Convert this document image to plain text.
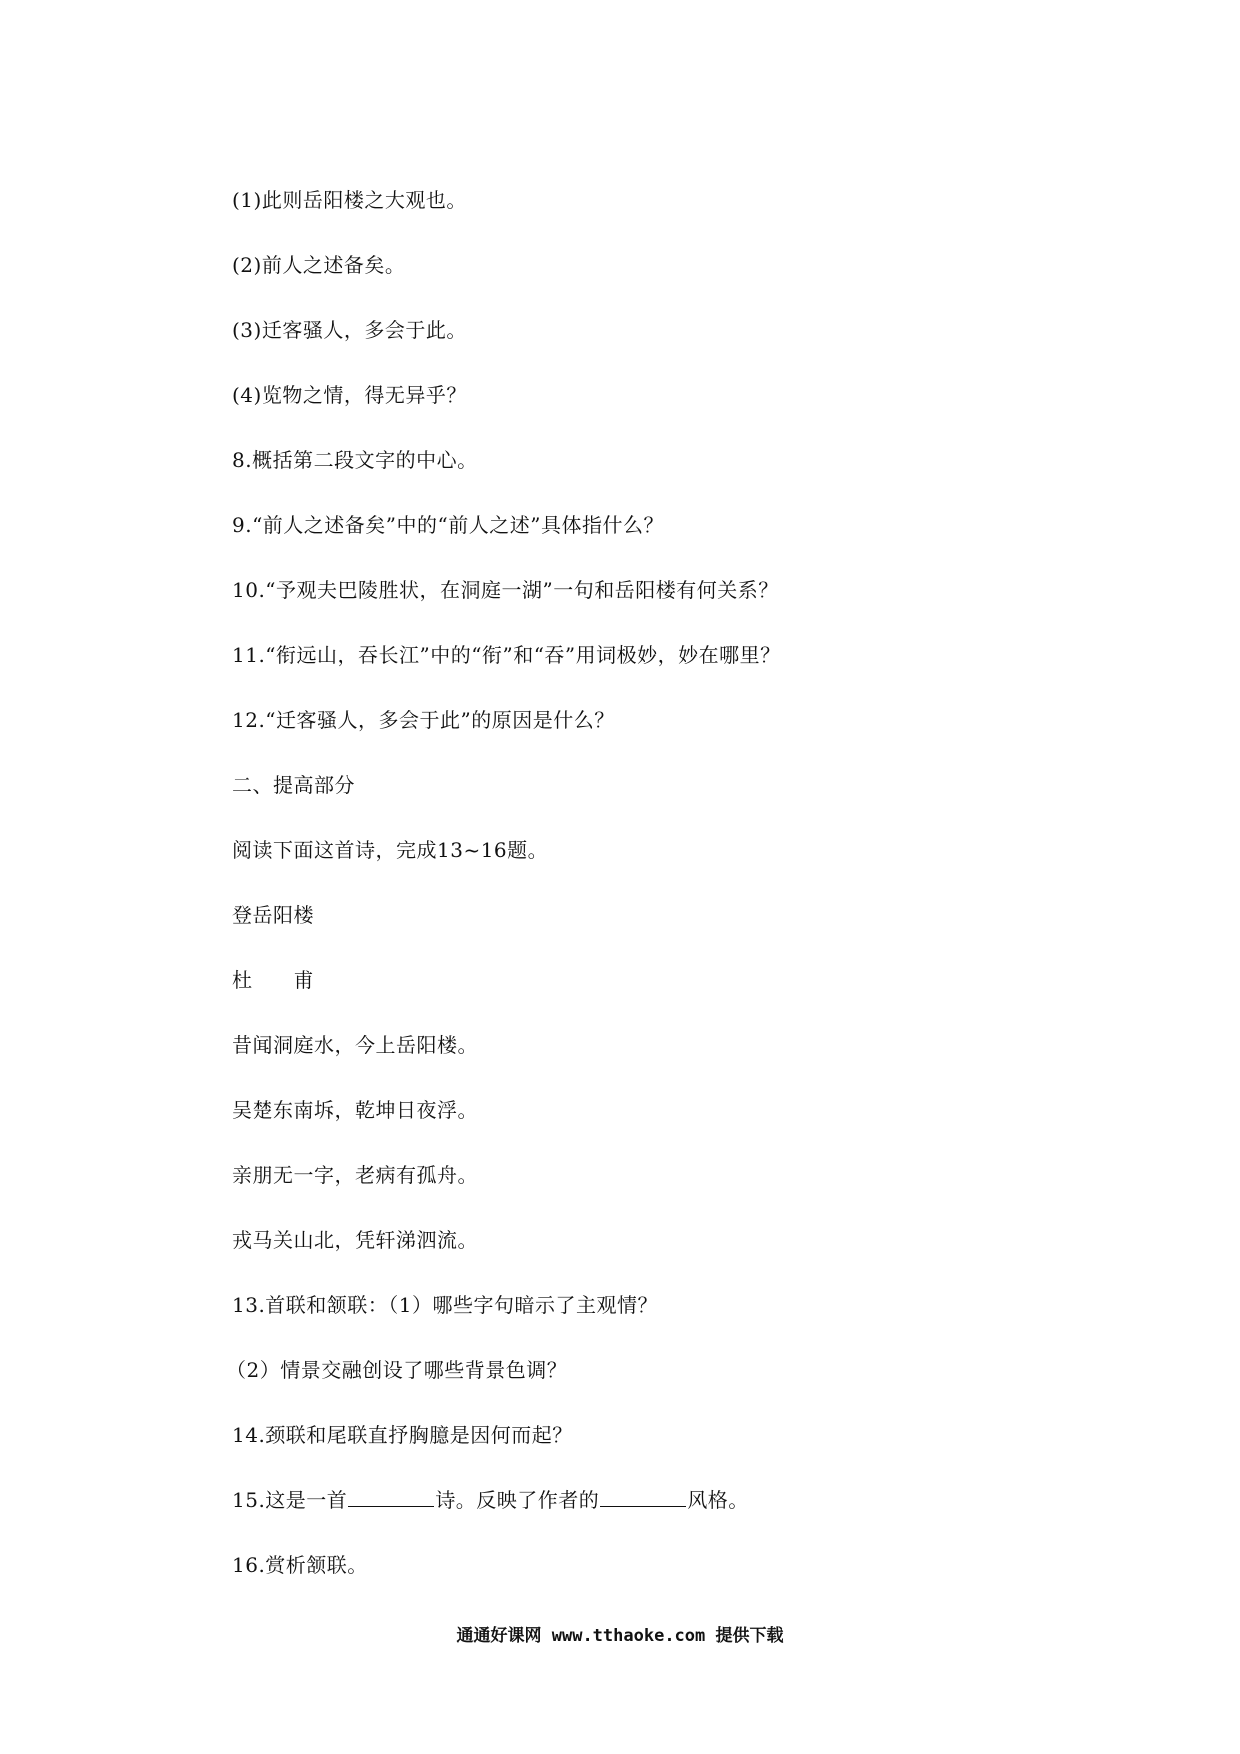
(1)此则岳阳楼之大观也。
(2)前人之述备矣。
(3)迁客骚人，多会于此。
(4)览物之情，得无异乎？
8.概括第二段文字的中心。
9.“前人之述备矣”中的“前人之述”具体指什么？
10.“予观夫巴陵胜状，在洞庭一湖”一句和岳阳楼有何关系？
11.“衔远山，吞长江”中的“衔”和“吞”用词极妙，妙在哪里？
12.“迁客骚人，多会于此”的原因是什么？
二、提高部分
阅读下面这首诗，完成13~16题。
登岳阳楼
杜　　甫
昔闻洞庭水，今上岳阳楼。
吴楚东南坼，乾坤日夜浮。
亲朋无一字，老病有孤舟。
戎马关山北，凭轩涕泗流。
13.首联和颔联：（1）哪些字句暗示了主观情？
（2）情景交融创设了哪些背景色调？
14.颈联和尾联直抒胸臆是因何而起？
15.这是一首	诗。反映了作者的	风格。
16.赏析颔联。
通通好课网 www.tthaoke.com 提供下载
